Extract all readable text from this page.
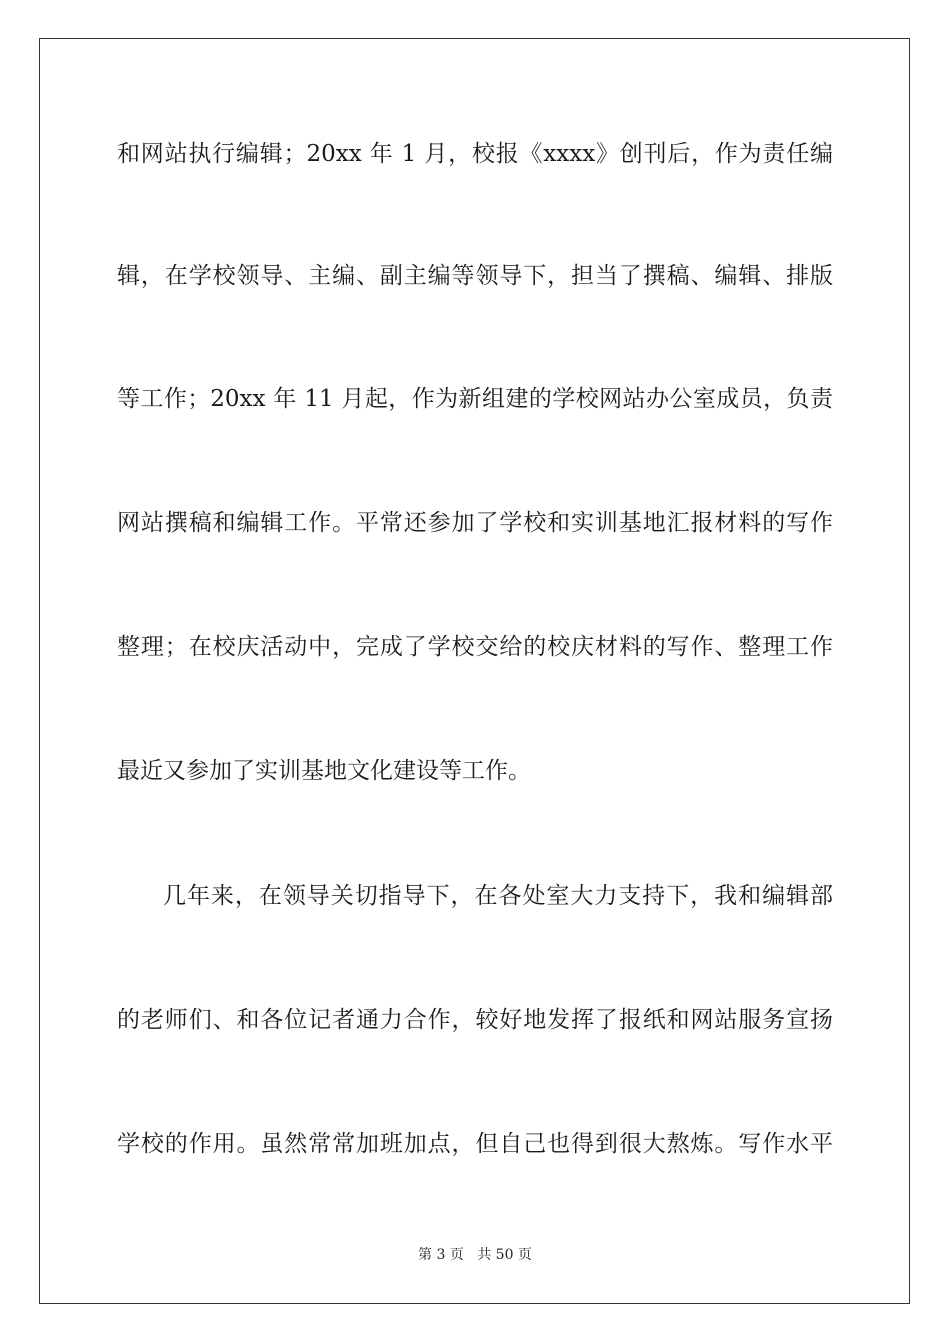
和网站执行编辑；20xx 年 1 月，校报《xxxx》创刊后，作为责任编
辑，在学校领导、主编、副主编等领导下，担当了撰稿、编辑、排版
等工作；20xx 年 11 月起，作为新组建的学校网站办公室成员，负责
网站撰稿和编辑工作。平常还参加了学校和实训基地汇报材料的写作
整理；在校庆活动中，完成了学校交给的校庆材料的写作、整理工作
最近又参加了实训基地文化建设等工作。
几年来，在领导关切指导下，在各处室大力支持下，我和编辑部
的老师们、和各位记者通力合作，较好地发挥了报纸和网站服务宣扬
学校的作用。虽然常常加班加点，但自己也得到很大熬炼。写作水平
第 3 页 共 50 页
